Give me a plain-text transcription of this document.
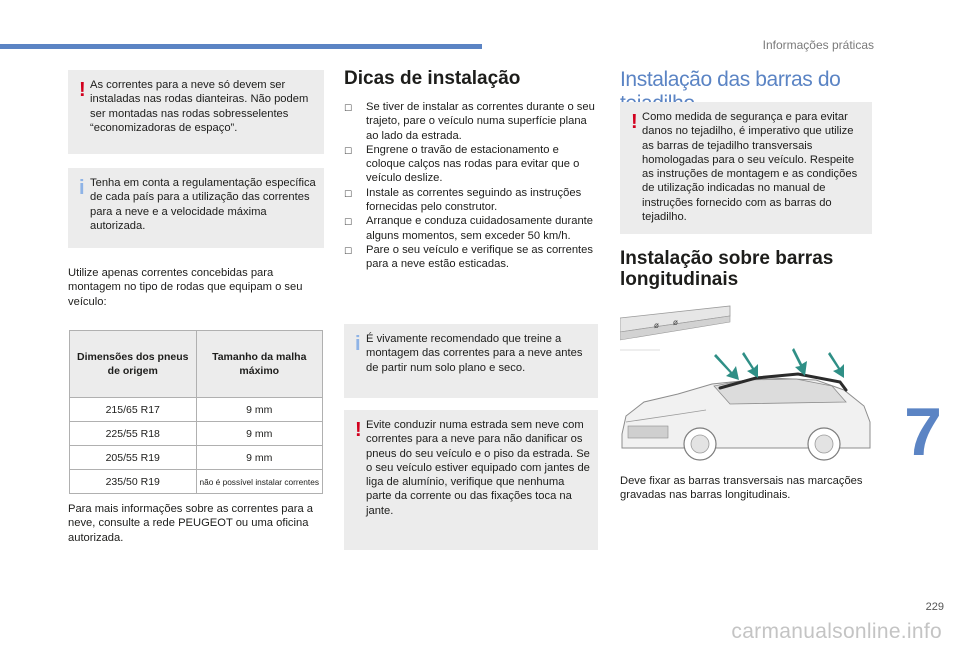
Informações práticas
! As correntes para a neve só devem ser instaladas nas rodas dianteiras. Não podem ser montadas nas rodas sobresselentes “economizadoras de espaço”.
i Tenha em conta a regulamentação específica de cada país para a utilização das correntes para a neve e a velocidade máxima autorizada.

Utilize apenas correntes concebidas para montagem no tipo de rodas que equipam o seu veículo:

Dimensões dos pneus de origem	Tamanho da malha máximo
215/65 R17	9 mm
225/55 R18	9 mm
205/55 R19	9 mm
235/50 R19	não é possível instalar correntes

Para mais informações sobre as correntes para a neve, consulte a rede PEUGEOT ou uma oficina autorizada.

Dicas de instalação
☐ Se tiver de instalar as correntes durante o seu trajeto, pare o veículo numa superfície plana ao lado da estrada.
☐ Engrene o travão de estacionamento e coloque calços nas rodas para evitar que o veículo deslize.
☐ Instale as correntes seguindo as instruções fornecidas pelo construtor.
☐ Arranque e conduza cuidadosamente durante alguns momentos, sem exceder 50 km/h.
☐ Pare o seu veículo e verifique se as correntes para a neve estão esticadas.
i É vivamente recomendado que treine a montagem das correntes para a neve antes de partir num solo plano e seco.
! Evite conduzir numa estrada sem neve com correntes para a neve para não danificar os pneus do seu veículo e o piso da estrada. Se o seu veículo estiver equipado com jantes de liga de alumínio, verifique que nenhuma parte da corrente ou das fixações toca na jante.
Instalação das barras do
! Como medida de segurança e para evitar danos no tejadilho, é imperativo que utilize as barras de tejadilho transversais homologadas para o seu veículo. Respeite as instruções de montagem e as condições de utilização indicadas no manual de instruções fornecido com as barras do tejadilho.
Instalação sobre barras longitudinais
ø ø

Deve fixar as barras transversais nas marcações gravadas nas barras longitudinais.

7
229
carmanualsonline.info
